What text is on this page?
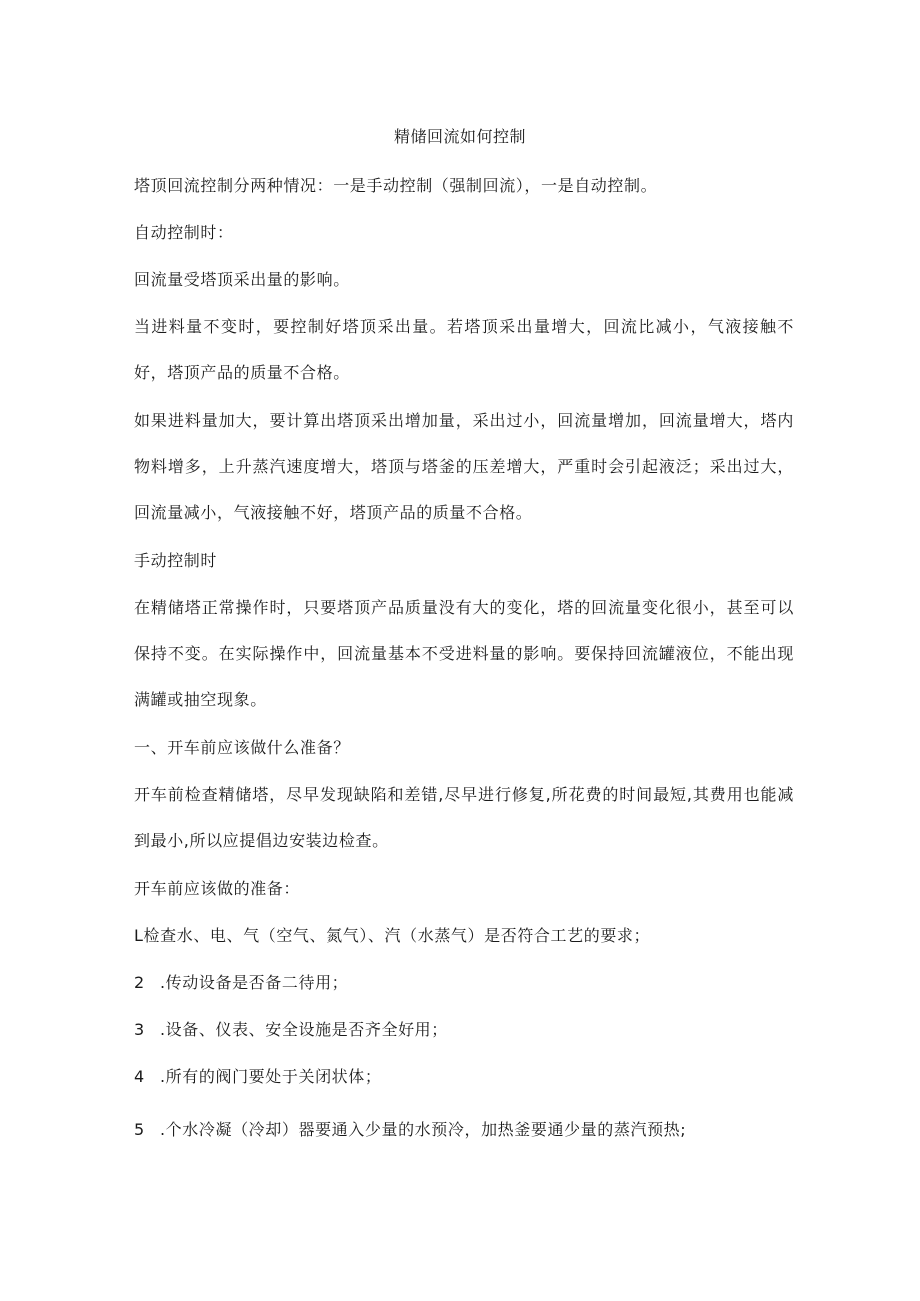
精储回流如何控制

塔顶回流控制分两种情况：一是手动控制（强制回流），一是自动控制。

自动控制时：

回流量受塔顶采出量的影响。

当进料量不变时，要控制好塔顶采出量。若塔顶采出量增大，回流比减小，气液接触不好，塔顶产品的质量不合格。

如果进料量加大，要计算出塔顶采出增加量，采出过小，回流量增加，回流量增大，塔内物料增多，上升蒸汽速度增大，塔顶与塔釜的压差增大，严重时会引起液泛；采出过大，回流量减小，气液接触不好，塔顶产品的质量不合格。

手动控制时

在精储塔正常操作时，只要塔顶产品质量没有大的变化，塔的回流量变化很小，甚至可以保持不变。在实际操作中，回流量基本不受进料量的影响。要保持回流罐液位，不能出现满罐或抽空现象。

一、开车前应该做什么准备？

开车前检查精储塔，尽早发现缺陷和差错,尽早进行修复,所花费的时间最短,其费用也能减到最小,所以应提倡边安装边检查。

开车前应该做的准备：

L检查水、电、气（空气、氮气）、汽（水蒸气）是否符合工艺的要求；

2 .传动设备是否备二待用；

3 .设备、仪表、安全设施是否齐全好用；

4 .所有的阀门要处于关闭状体；

5 .个水冷凝（冷却）器要通入少量的水预冷，加热釜要通少量的蒸汽预热;
